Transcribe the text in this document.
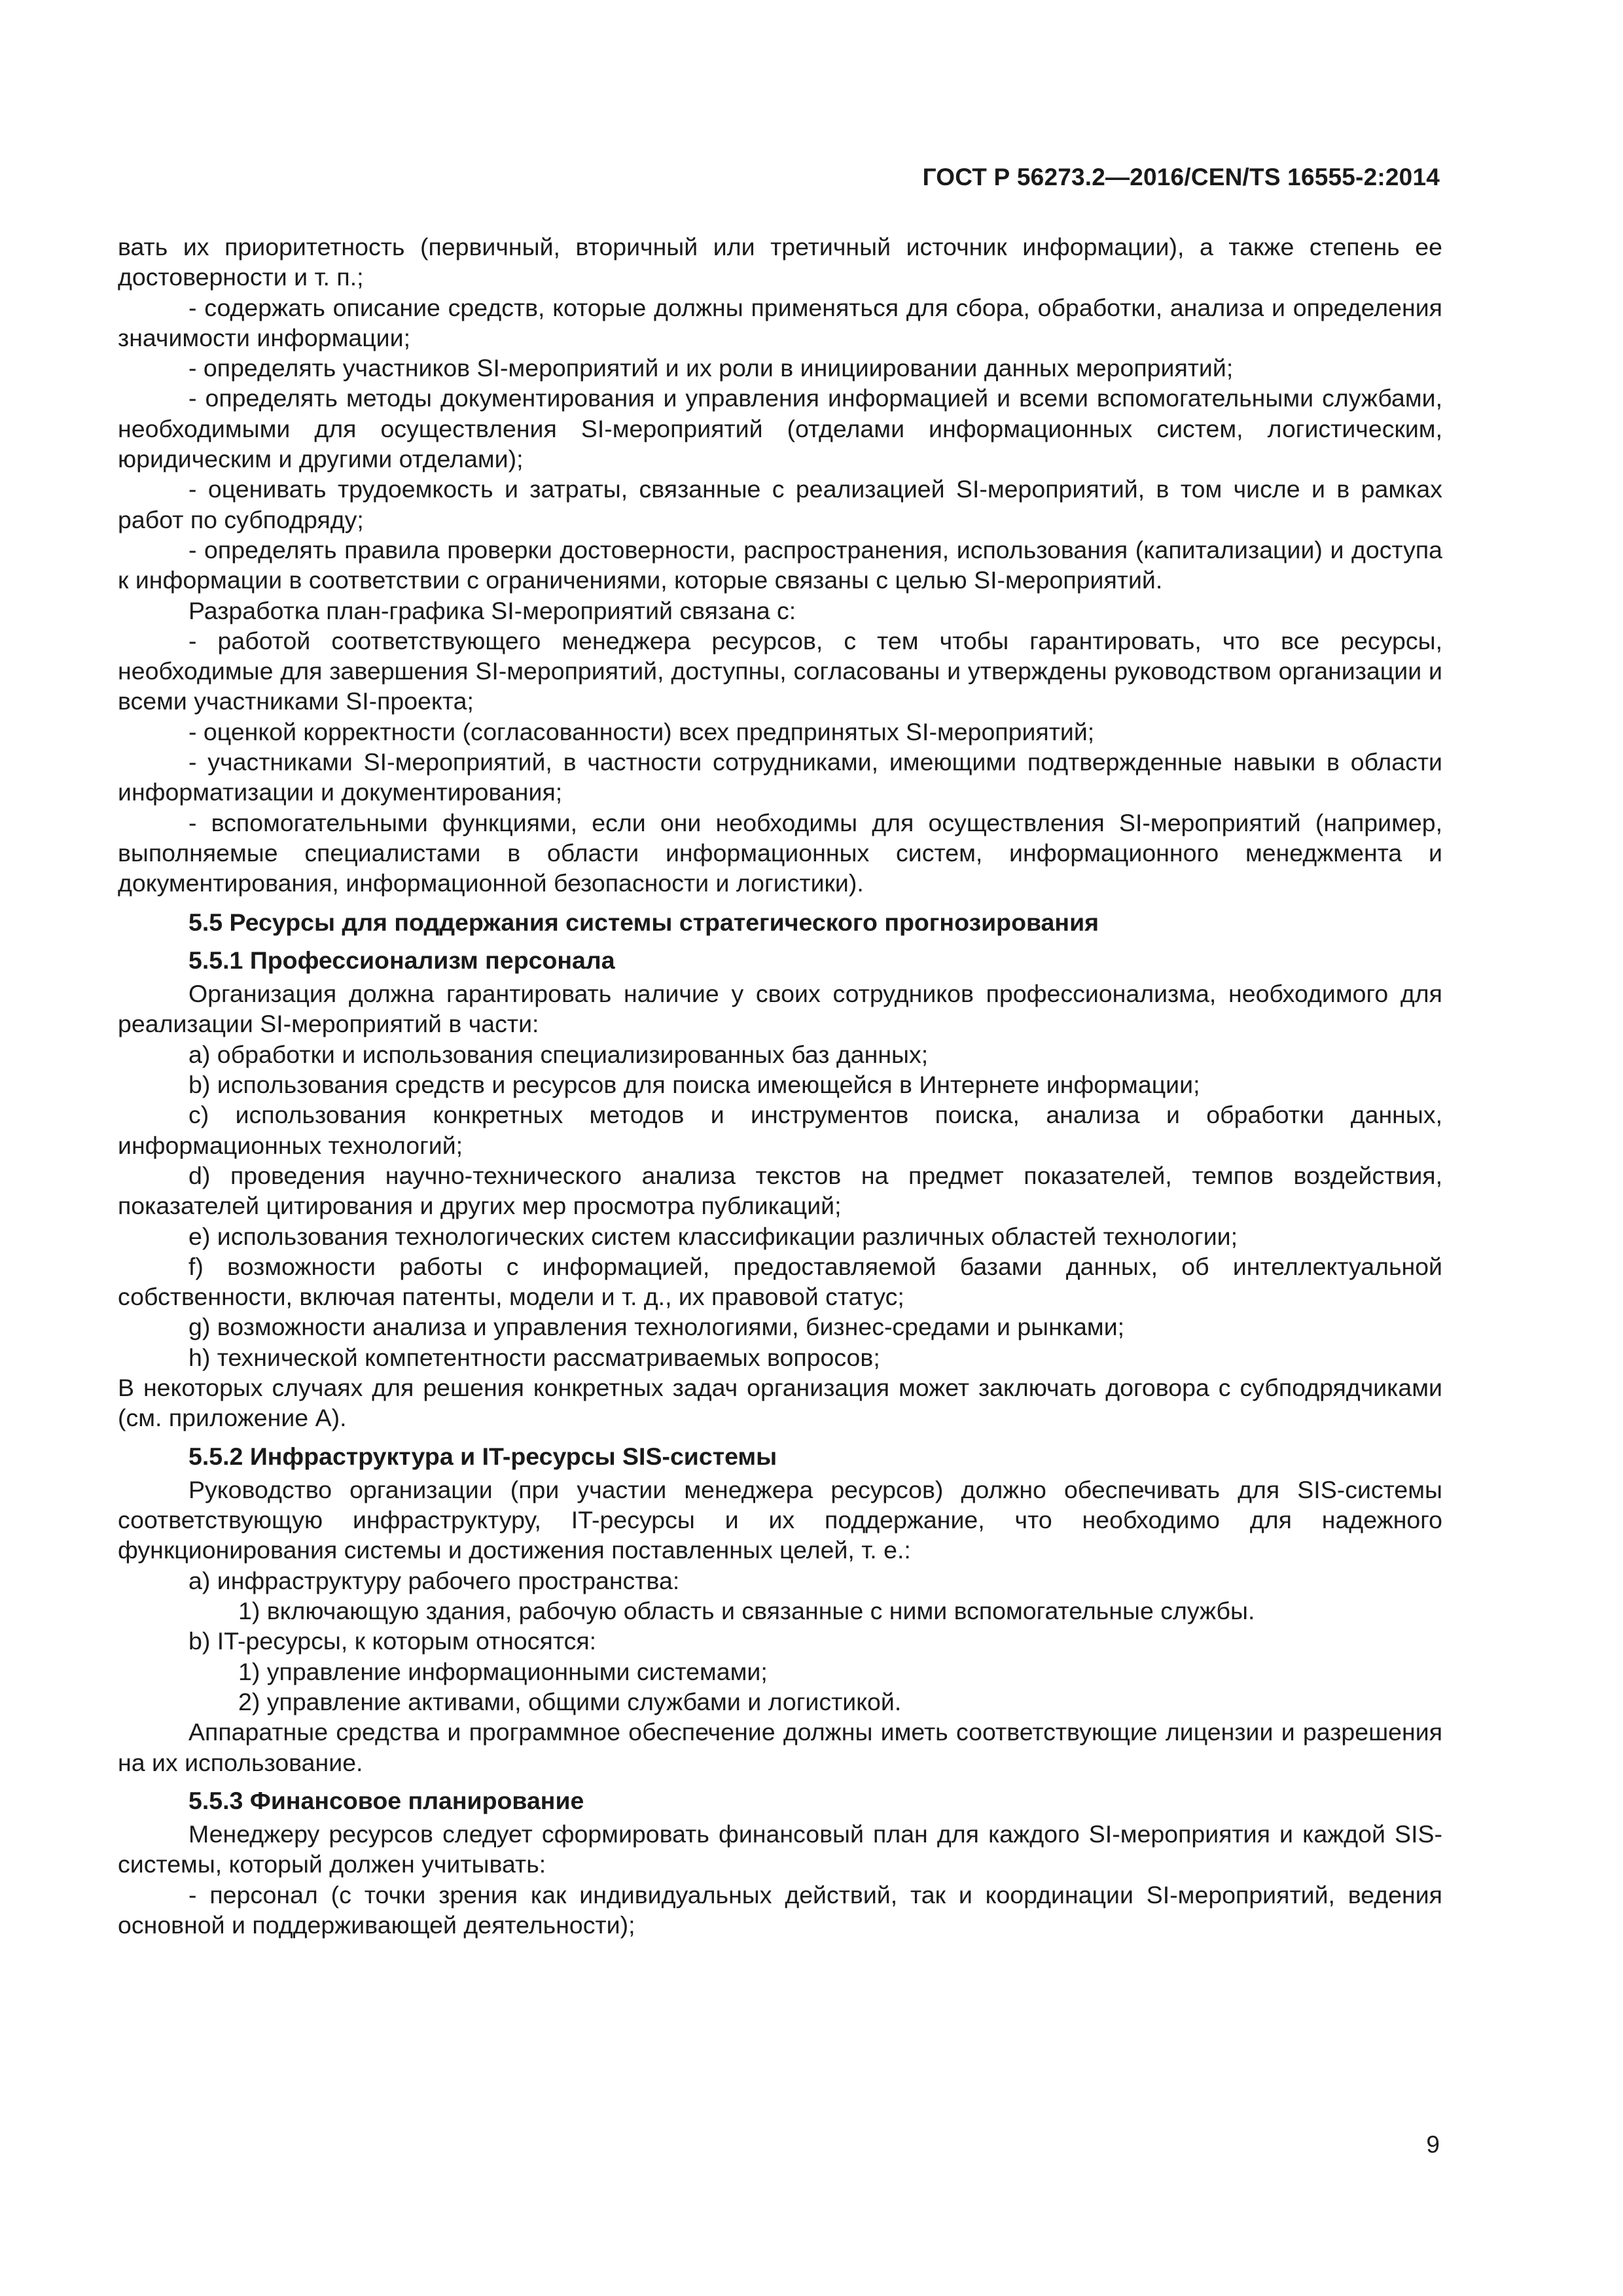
ГОСТ Р 56273.2—2016/CEN/TS 16555-2:2014
вать их приоритетность (первичный, вторичный или третичный источник информации), а также степень ее достоверности и т. п.;
- содержать описание средств, которые должны применяться для сбора, обработки, анализа и определения значимости информации;
- определять участников SI-мероприятий и их роли в инициировании данных мероприятий;
- определять методы документирования и управления информацией и всеми вспомогательными службами, необходимыми для осуществления SI-мероприятий (отделами информационных систем, логистическим, юридическим и другими отделами);
- оценивать трудоемкость и затраты, связанные с реализацией SI-мероприятий, в том числе и в рамках работ по субподряду;
- определять правила проверки достоверности, распространения, использования (капитализации) и доступа к информации в соответствии с ограничениями, которые связаны с целью SI-мероприятий.
Разработка план-графика SI-мероприятий связана с:
- работой соответствующего менеджера ресурсов, с тем чтобы гарантировать, что все ресурсы, необходимые для завершения SI-мероприятий, доступны, согласованы и утверждены руководством организации и всеми участниками SI-проекта;
- оценкой корректности (согласованности) всех предпринятых SI-мероприятий;
- участниками SI-мероприятий, в частности сотрудниками, имеющими подтвержденные навыки в области информатизации и документирования;
- вспомогательными функциями, если они необходимы для осуществления SI-мероприятий (например, выполняемые специалистами в области информационных систем, информационного менеджмента и документирования, информационной безопасности и логистики).
5.5 Ресурсы для поддержания системы стратегического прогнозирования
5.5.1 Профессионализм персонала
Организация должна гарантировать наличие у своих сотрудников профессионализма, необходимого для реализации SI-мероприятий в части:
a) обработки и использования специализированных баз данных;
b) использования средств и ресурсов для поиска имеющейся в Интернете информации;
c) использования конкретных методов и инструментов поиска, анализа и обработки данных, информационных технологий;
d) проведения научно-технического анализа текстов на предмет показателей, темпов воздействия, показателей цитирования и других мер просмотра публикаций;
e) использования технологических систем классификации различных областей технологии;
f) возможности работы с информацией, предоставляемой базами данных, об интеллектуальной собственности, включая патенты, модели и т. д., их правовой статус;
g) возможности анализа и управления технологиями, бизнес-средами и рынками;
h) технической компетентности рассматриваемых вопросов;
В некоторых случаях для решения конкретных задач организация может заключать договора с субподрядчиками (см. приложение А).
5.5.2 Инфраструктура и IT-ресурсы SIS-системы
Руководство организации (при участии менеджера ресурсов) должно обеспечивать для SIS-системы соответствующую инфраструктуру, IT-ресурсы и их поддержание, что необходимо для надежного функционирования системы и достижения поставленных целей, т. е.:
a) инфраструктуру рабочего пространства:
1) включающую здания, рабочую область и связанные с ними вспомогательные службы.
b) IT-ресурсы, к которым относятся:
1) управление информационными системами;
2) управление активами, общими службами и логистикой.
Аппаратные средства и программное обеспечение должны иметь соответствующие лицензии и разрешения на их использование.
5.5.3 Финансовое планирование
Менеджеру ресурсов следует сформировать финансовый план для каждого SI-мероприятия и каждой SIS-системы, который должен учитывать:
- персонал (с точки зрения как индивидуальных действий, так и координации SI-мероприятий, ведения основной и поддерживающей деятельности);
9
